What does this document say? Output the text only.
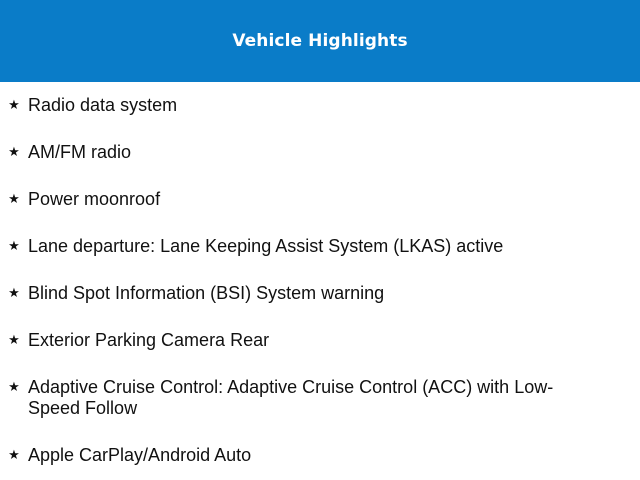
Vehicle Highlights
★ Radio data system
★ AM/FM radio
★ Power moonroof
★ Lane departure: Lane Keeping Assist System (LKAS) active
★ Blind Spot Information (BSI) System warning
★ Exterior Parking Camera Rear
★ Adaptive Cruise Control: Adaptive Cruise Control (ACC) with Low-Speed Follow
★ Apple CarPlay/Android Auto
